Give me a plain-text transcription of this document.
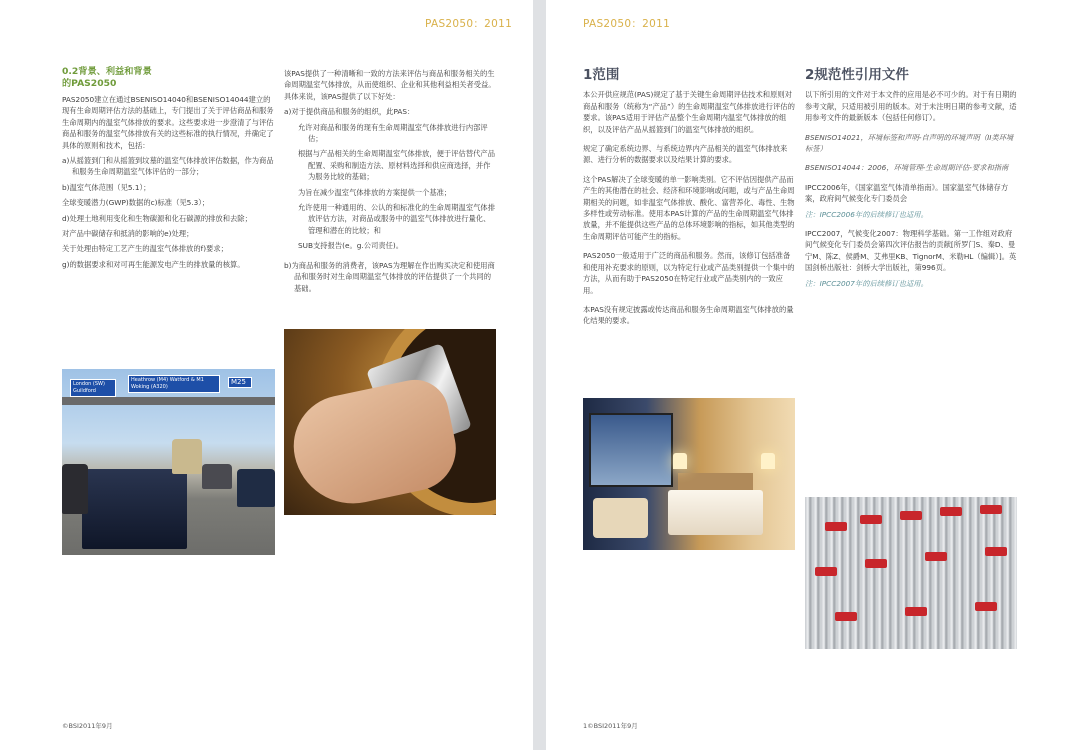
PAS2050：2011
0.2背景、利益和背景
的PAS2050

PAS2050建立在通过BSENISO14040和BSENISO14044建立的现有生命周期评估方法的基础上，专门提出了关于评估商品和服务生命周期内的温室气体排放的要求。这些要求进一步澄清了与评估商品和服务的温室气体排放有关的这些标准的执行情况，并确定了具体的原则和技术，包括：

a)从摇篮到门和从摇篮到坟墓的温室气体排放评估数据，作为商品和服务生命周期温室气体评估的一部分；

b)温室气体范围（见5.1）；

全球变暖潜力(GWP)数据的c)标准（见5.3）；

d)处理土地利用变化和生物碳源和化石碳源的排放和去除；

对产品中碳储存和抵消的影响的e)处理；

关于处理由特定工艺产生的温室气体排放的f)要求；

g)的数据要求和对可再生能源发电产生的排放量的核算。

该PAS提供了一种清晰和一致的方法来评估与商品和服务相关的生命周期温室气体排放，从而使组织、企业和其他利益相关者受益。具体来说，该PAS提供了以下好处：

a)对于提供商品和服务的组织，此PAS：

允许对商品和服务的现有生命周期温室气体排放进行内部评估；

根据与产品相关的生命周期温室气体排放，便于评估替代产品配置、采购和制造方法、原材料选择和供应商选择，并作为服务比较的基础；

为旨在减少温室气体排放的方案提供一个基准；

允许使用一种通用的、公认的和标准化的生命周期温室气体排放评估方法，对商品或服务中的温室气体排放进行量化、管理和潜在的比较；和

SUB支持报告(e。g.公司责任)。

b)为商品和服务的消费者，该PAS为理解在作出购买决定和使用商品和服务时对生命周期温室气体排放的评估提供了一个共同的基础。

London (SW) Guildford
Heathrow (M4) Watford & M1 Woking (A320)
M25
©BSI2011年9月
PAS2050：2011
1范围

本公开供应规范(PAS)规定了基于关键生命周期评估技术和原则对商品和服务（统称为“产品”）的生命周期温室气体排放进行评估的要求。该PAS适用于评估产品整个生命周期内温室气体排放的组织，以及评估产品从摇篮到门的温室气体排放的组织。

规定了确定系统边界、与系统边界内产品相关的温室气体排放来源、进行分析的数据要求以及结果计算的要求。

这个PAS解决了全球变暖的单一影响类别。它不评估因提供产品而产生的其他潜在的社会、经济和环境影响或问题，或与产品生命周期相关的问题，如非温室气体排放、酸化、富营养化、毒性、生物多样性或劳动标准。使用本PAS计算的产品的生命周期温室气体排放量，并不能提供这些产品的总体环境影响的指标，如其他类型的生命周期评估可能产生的指标。

PAS2050一般适用于广泛的商品和服务。然而，该修订包括准备和使用补充要求的原则，以为特定行业或产品类别提供一个集中的方法，从而有助于PAS2050在特定行业或产品类别内的一致应用。

本PAS没有规定披露或传达商品和服务生命周期温室气体排放的量化结果的要求。

2规范性引用文件

以下所引用的文件对于本文件的应用是必不可少的。对于有日期的参考文献，只适用被引用的版本。对于未注明日期的参考文献，适用参考文件的最新版本（包括任何修订）。

BSENISO14021，环境标签和声明-自声明的环境声明（II类环境标签）

BSENISO14044：2006，环境管理-生命周期评估-要求和指南

IPCC2006年，《国家温室气体清单指南》。国家温室气体储存方案，政府间气候变化专门委员会

注：IPCC2006年的后续修订也适用。

IPCC2007，气候变化2007：物理科学基础。第一工作组对政府间气候变化专门委员会第四次评估报告的贡献[所罗门S、秦D、曼宁M、陈Z、侯爵M、艾弗里KB、TignorM、米勒HL（编辑）]。英国剑桥出版社：剑桥大学出版社，第996页。

注：IPCC2007年的后续修订也适用。

1©BSI2011年9月
